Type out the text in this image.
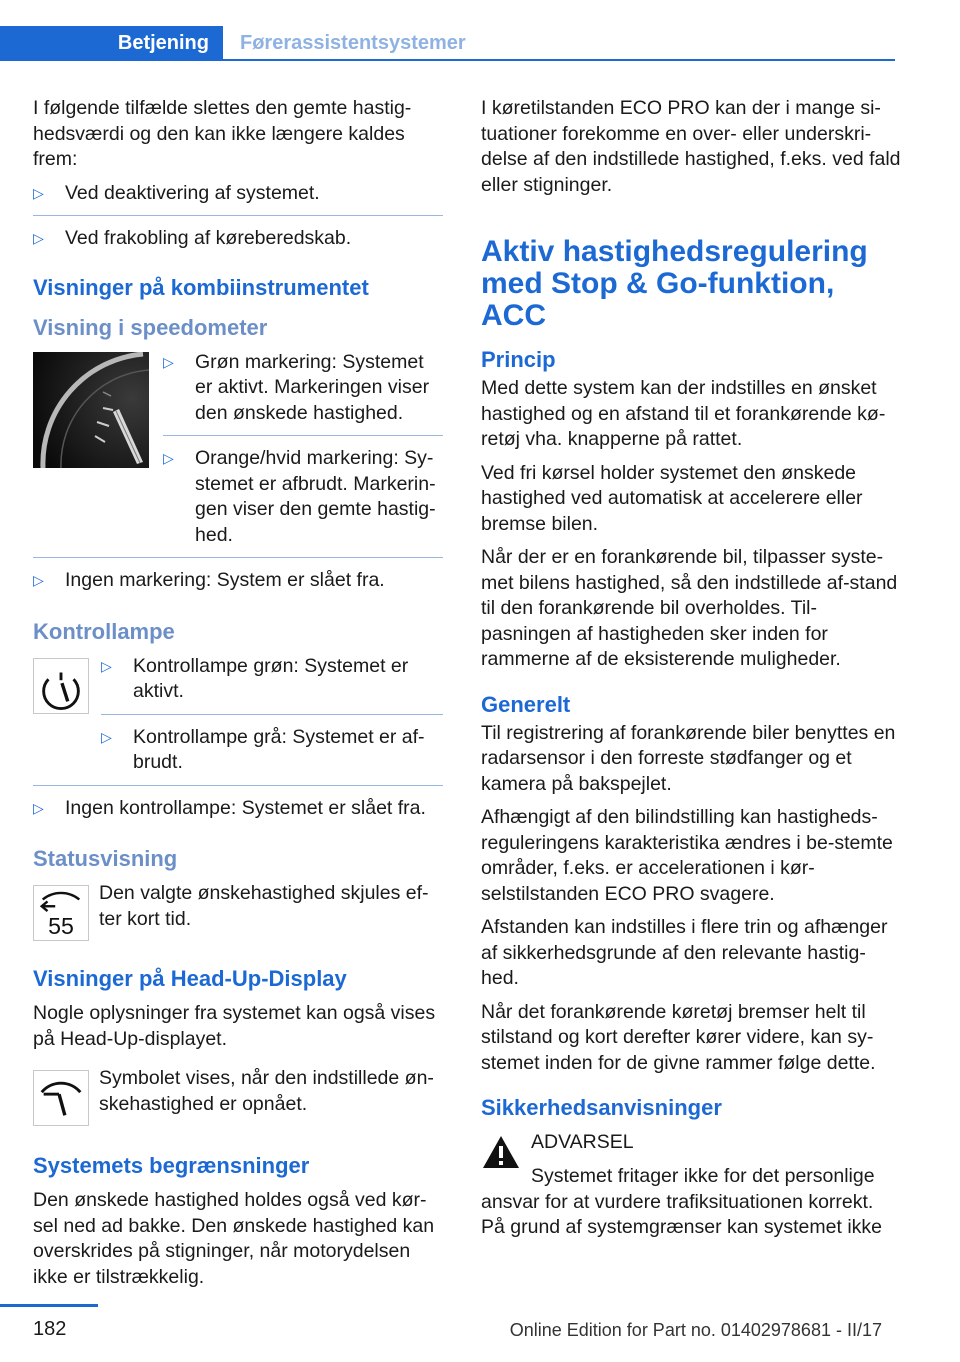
Betjening	Førerassistentsystemer

I følgende tilfælde slettes den gemte hastig-hedsværdi og den kan ikke længere kaldes frem:

▷	Ved deaktivering af systemet.
▷	Ved frakobling af køreberedskab.
Visninger på kombiinstrumentet
Visning i speedometer
▷	Grøn markering: Systemet er aktivt. Markeringen viser den ønskede hastighed.
▷	Orange/hvid markering: Sy-stemet er afbrudt. Markerin-gen viser den gemte hastig-hed.
▷	Ingen markering: System er slået fra.
Kontrollampe
▷	Kontrollampe grøn: Systemet er aktivt.
▷	Kontrollampe grå: Systemet er af-brudt.
▷	Ingen kontrollampe: Systemet er slået fra.
Statusvisning
55
Den valgte ønskehastighed skjules ef-ter kort tid.
Visninger på Head-Up-Display

Nogle oplysninger fra systemet kan også vises på Head-Up-displayet.

Symbolet vises, når den indstillede øn-skehastighed er opnået.
Systemets begrænsninger

Den ønskede hastighed holdes også ved kør-sel ned ad bakke. Den ønskede hastighed kan overskrides på stigninger, når motorydelsen ikke er tilstrækkelig.

I køretilstanden ECO PRO kan der i mange si-tuationer forekomme en over- eller underskri-delse af den indstillede hastighed, f.eks. ved fald eller stigninger.

Aktiv hastighedsregulering med Stop & Go-funktion, ACC
Princip

Med dette system kan der indstilles en ønsket hastighed og en afstand til et forankørende kø-retøj vha. knapperne på rattet.

Ved fri kørsel holder systemet den ønskede hastighed ved automatisk at accelerere eller bremse bilen.

Når der er en forankørende bil, tilpasser syste-met bilens hastighed, så den indstillede af-stand til den forankørende bil overholdes. Til-pasningen af hastigheden sker inden for rammerne af de eksisterende muligheder.

Generelt

Til registrering af forankørende biler benyttes en radarsensor i den forreste stødfanger og et kamera på bakspejlet.

Afhængigt af den bilindstilling kan hastigheds-reguleringens karakteristika ændres i be-stemte områder, f.eks. er accelerationen i kør-selstilstanden ECO PRO svagere.

Afstanden kan indstilles i flere trin og afhænger af sikkerhedsgrunde af den relevante hastig-hed.

Når det forankørende køretøj bremser helt til stilstand og kort derefter kører videre, kan sy-stemet inden for de givne rammer følge dette.

Sikkerhedsanvisninger
ADVARSEL

Systemet fritager ikke for det personlige ansvar for at vurdere trafiksituationen korrekt. På grund af systemgrænser kan systemet ikke

182	Online Edition for Part no. 01402978681 - II/17
